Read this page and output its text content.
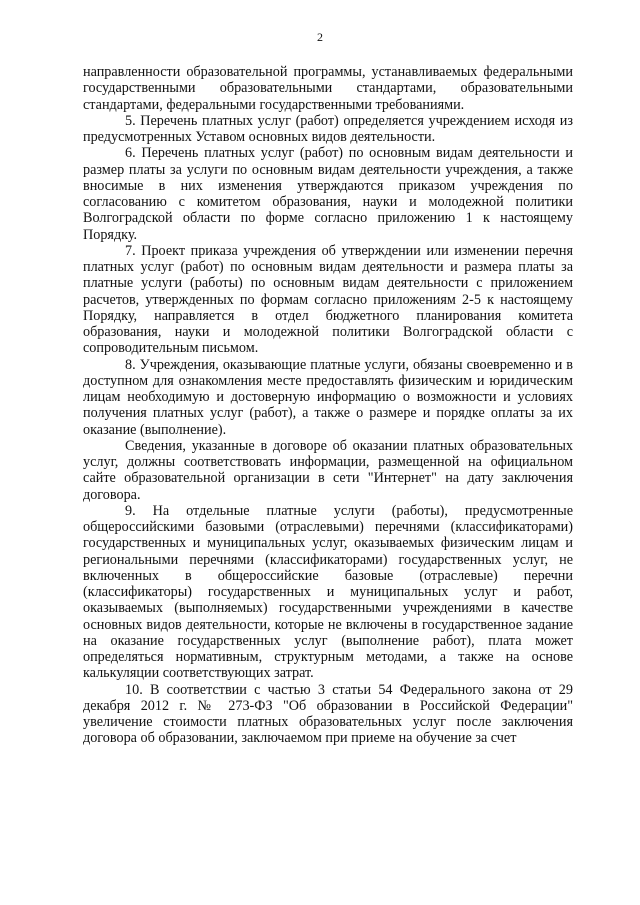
2

направленности образовательной программы, устанавливаемых федеральными государственными образовательными стандартами, образовательными стандартами, федеральными государственными требованиями.

5. Перечень платных услуг (работ) определяется учреждением исходя из предусмотренных Уставом основных видов деятельности.

6. Перечень платных услуг (работ) по основным видам деятельности и размер платы за услуги по основным видам деятельности учреждения, а также вносимые в них изменения утверждаются приказом учреждения по согласованию с комитетом образования, науки и молодежной политики Волгоградской области по форме согласно приложению 1 к настоящему Порядку.

7. Проект приказа учреждения об утверждении или изменении перечня платных услуг (работ) по основным видам деятельности и размера платы за платные услуги (работы) по основным видам деятельности с приложением расчетов, утвержденных по формам согласно приложениям 2-5 к настоящему Порядку, направляется в отдел бюджетного планирования комитета образования, науки и молодежной политики Волгоградской области с сопроводительным письмом.

8. Учреждения, оказывающие платные услуги, обязаны своевременно и в доступном для ознакомления месте предоставлять физическим и юридическим лицам необходимую и достоверную информацию о возможности и условиях получения платных услуг (работ), а также о размере и порядке оплаты за их оказание (выполнение).

Сведения, указанные в договоре об оказании платных образовательных услуг, должны соответствовать информации, размещенной на официальном сайте образовательной организации в сети "Интернет" на дату заключения договора.

9. На отдельные платные услуги (работы), предусмотренные общероссийскими базовыми (отраслевыми) перечнями (классификаторами) государственных и муниципальных услуг, оказываемых физическим лицам и региональными перечнями (классификаторами) государственных услуг, не включенных в общероссийские базовые (отраслевые) перечни (классификаторы) государственных и муниципальных услуг и работ, оказываемых (выполняемых) государственными учреждениями в качестве основных видов деятельности, которые не включены в государственное задание на оказание государственных услуг (выполнение работ), плата может определяться нормативным, структурным методами, а также на основе калькуляции соответствующих затрат.

10. В соответствии с частью 3 статьи 54 Федерального закона от 29 декабря 2012 г. № 273-ФЗ "Об образовании в Российской Федерации" увеличение стоимости платных образовательных услуг после заключения договора об образовании, заключаемом при приеме на обучение за счет
